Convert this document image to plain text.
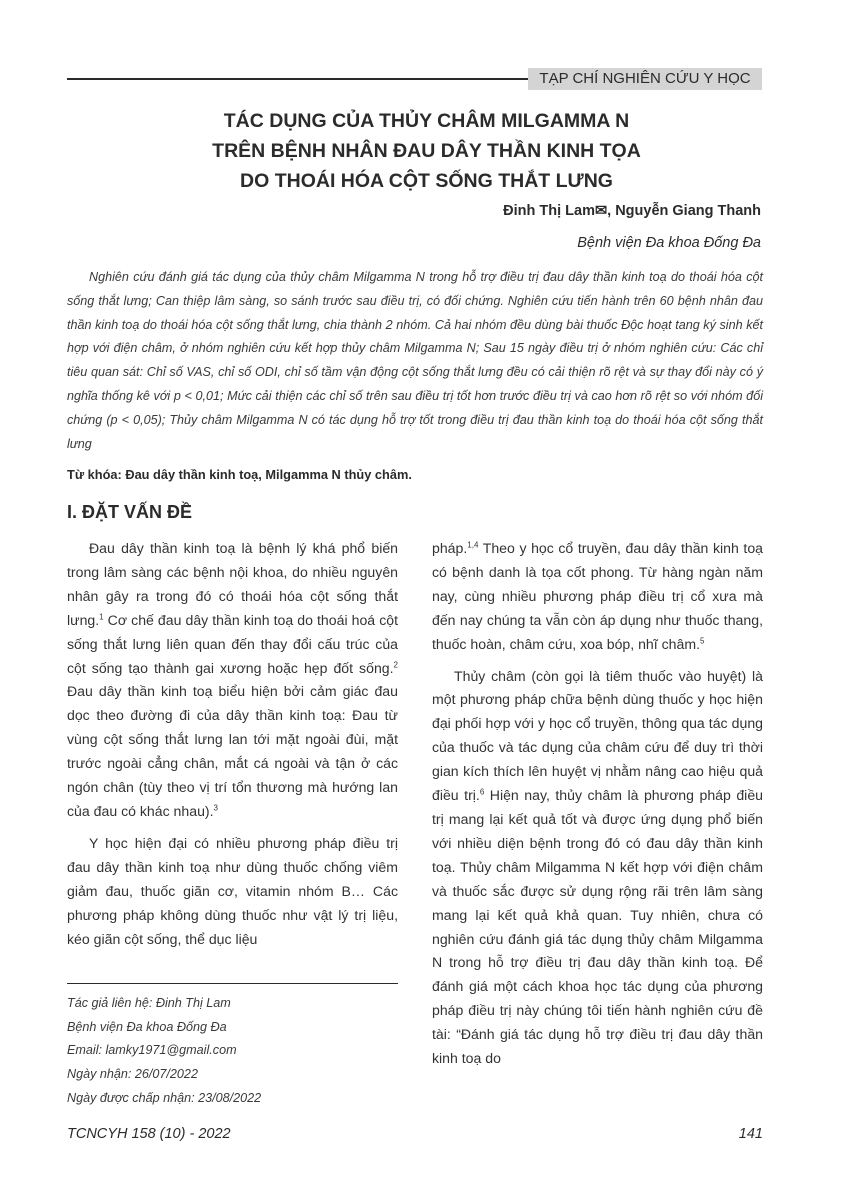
TẠP CHÍ NGHIÊN CỨU Y HỌC
TÁC DỤNG CỦA THỦY CHÂM MILGAMMA N
TRÊN BỆNH NHÂN ĐAU DÂY THẦN KINH TỌA
DO THOÁI HÓA CỘT SỐNG THẮT LƯNG
Đinh Thị Lam✉, Nguyễn Giang Thanh
Bệnh viện Đa khoa Đống Đa
Nghiên cứu đánh giá tác dụng của thủy châm Milgamma N trong hỗ trợ điều trị đau dây thần kinh toạ do thoái hóa cột sống thắt lưng; Can thiệp lâm sàng, so sánh trước sau điều trị, có đối chứng. Nghiên cứu tiến hành trên 60 bệnh nhân đau thần kinh toạ do thoái hóa cột sống thắt lưng, chia thành 2 nhóm. Cả hai nhóm đều dùng bài thuốc Độc hoạt tang ký sinh kết hợp với điện châm, ở nhóm nghiên cứu kết hợp thủy châm Milgamma N; Sau 15 ngày điều trị ở nhóm nghiên cứu: Các chỉ tiêu quan sát: Chỉ số VAS, chỉ số ODI, chỉ số tầm vận động cột sống thắt lưng đều có cải thiện rõ rệt và sự thay đổi này có ý nghĩa thống kê với p < 0,01; Mức cải thiện các chỉ số trên sau điều trị tốt hơn trước điều trị và cao hơn rõ rệt so với nhóm đối chứng (p < 0,05); Thủy châm Milgamma N có tác dụng hỗ trợ tốt trong điều trị đau thần kinh toạ do thoái hóa cột sống thắt lưng
Từ khóa: Đau dây thần kinh toạ, Milgamma N thủy châm.
I. ĐẶT VẤN ĐỀ

Đau dây thần kinh toạ là bệnh lý khá phổ biến trong lâm sàng các bệnh nội khoa, do nhiều nguyên nhân gây ra trong đó có thoái hóa cột sống thắt lưng.$^1$ Cơ chế đau dây thần kinh toạ do thoái hoá cột sống thắt lưng liên quan đến thay đổi cấu trúc của cột sống tạo thành gai xương hoặc hẹp đốt sống.$^2$ Đau dây thần kinh toạ biểu hiện bởi cảm giác đau dọc theo đường đi của dây thần kinh toạ: Đau từ vùng cột sống thắt lưng lan tới mặt ngoài đùi, mặt trước ngoài cẳng chân, mắt cá ngoài và tận ở các ngón chân (tùy theo vị trí tổn thương mà hướng lan của đau có khác nhau).$^3$

Y học hiện đại có nhiều phương pháp điều trị đau dây thần kinh toạ như dùng thuốc chống viêm giảm đau, thuốc giãn cơ, vitamin nhóm B… Các phương pháp không dùng thuốc như vật lý trị liệu, kéo giãn cột sống, thể dục liệu

pháp.$^{1,4}$ Theo y học cổ truyền, đau dây thần kinh toạ có bệnh danh là tọa cốt phong. Từ hàng ngàn năm nay, cùng nhiều phương pháp điều trị cổ xưa mà đến nay chúng ta vẫn còn áp dụng như thuốc thang, thuốc hoàn, châm cứu, xoa bóp, nhĩ châm.$^5$

Thủy châm (còn gọi là tiêm thuốc vào huyệt) là một phương pháp chữa bệnh dùng thuốc y học hiện đại phối hợp với y học cổ truyền, thông qua tác dụng của thuốc và tác dụng của châm cứu để duy trì thời gian kích thích lên huyệt vị nhằm nâng cao hiệu quả điều trị.$^6$ Hiện nay, thủy châm là phương pháp điều trị mang lại kết quả tốt và được ứng dụng phổ biến với nhiều diện bệnh trong đó có đau dây thần kinh toạ. Thủy châm Milgamma N kết hợp với điện châm và thuốc sắc được sử dụng rộng rãi trên lâm sàng mang lại kết quả khả quan. Tuy nhiên, chưa có nghiên cứu đánh giá tác dụng thủy châm Milgamma N trong hỗ trợ điều trị đau dây thần kinh toạ. Để đánh giá một cách khoa học tác dụng của phương pháp điều trị này chúng tôi tiến hành nghiên cứu đề tài: “Đánh giá tác dụng hỗ trợ điều trị đau dây thần kinh toạ do

Tác giả liên hệ: Đinh Thị Lam
Bệnh viện Đa khoa Đống Đa
Email: lamky1971@gmail.com
Ngày nhận: 26/07/2022
Ngày được chấp nhận: 23/08/2022
TCNCYH 158 (10) - 2022	141
